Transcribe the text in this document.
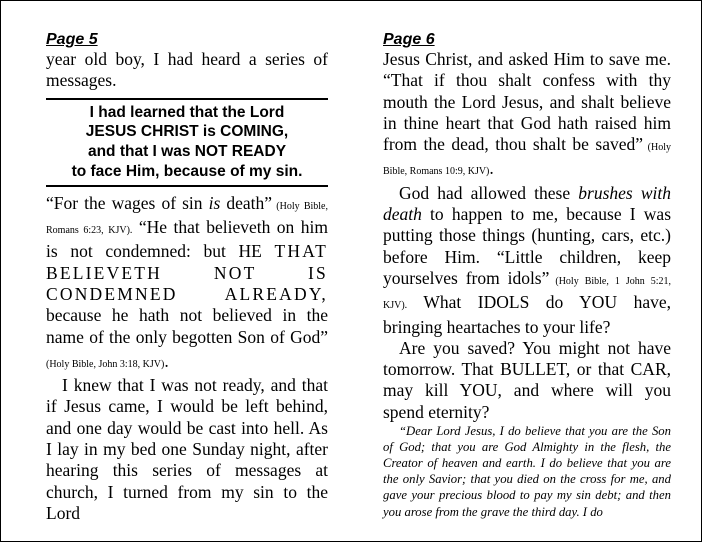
Page 5

year old boy, I had heard a series of messages.

I had learned that the Lord
JESUS CHRIST is COMING,
and that I was NOT READY
to face Him, because of my sin.

“For the wages of sin is death” (Holy Bible, Romans 6:23, KJV). “He that believeth on him is not condemned: but HE THAT BELIEVETH NOT IS CONDEMNED ALREADY, because he hath not believed in the name of the only begotten Son of God” (Holy Bible, John 3:18, KJV).

I knew that I was not ready, and that if Jesus came, I would be left behind, and one day would be cast into hell. As I lay in my bed one Sunday night, after hearing this series of messages at church, I turned from my sin to the Lord

Page 6

Jesus Christ, and asked Him to save me. “That if thou shalt confess with thy mouth the Lord Jesus, and shalt believe in thine heart that God hath raised him from the dead, thou shalt be saved” (Holy Bible, Romans 10:9, KJV).

God had allowed these brushes with death to happen to me, because I was putting those things (hunting, cars, etc.) before Him. “Little children, keep yourselves from idols” (Holy Bible, 1 John 5:21, KJV). What IDOLS do YOU have, bringing heartaches to your life?

Are you saved? You might not have tomorrow. That BULLET, or that CAR, may kill YOU, and where will you spend eternity?

“Dear Lord Jesus, I do believe that you are the Son of God; that you are God Almighty in the flesh, the Creator of heaven and earth. I do believe that you are the only Savior; that you died on the cross for me, and gave your precious blood to pay my sin debt; and then you arose from the grave the third day. I do
